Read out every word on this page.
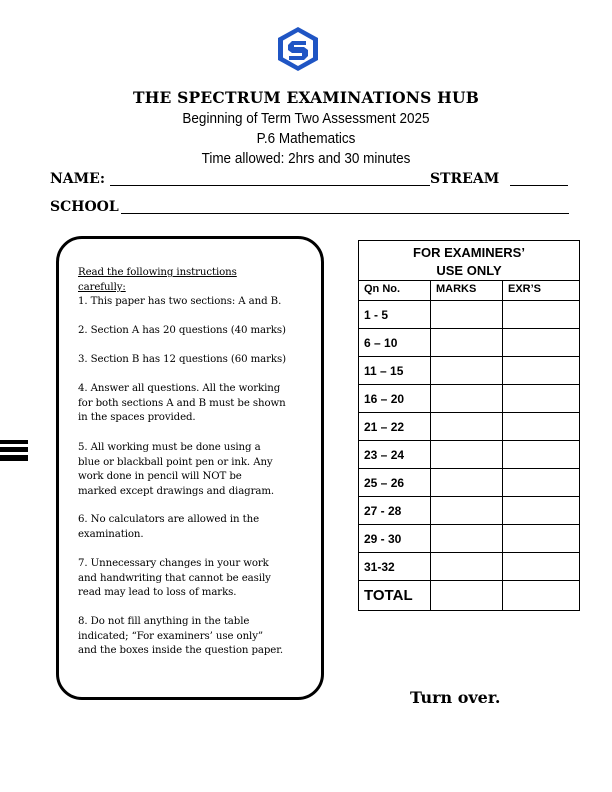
THE SPECTRUM EXAMINATIONS HUB
Beginning of Term Two Assessment 2025
P.6 Mathematics
Time allowed: 2hrs and 30 minutes
NAME:	STREAM
SCHOOL
Read the following instructions
carefully:
1. This paper has two sections: A and B.
2. Section A has 20 questions (40 marks)
3. Section B has 12 questions (60 marks)
4. Answer all questions. All the working
for both sections A and B must be shown
in the spaces provided.
5. All working must be done using a
blue or blackball point pen or ink. Any
work done in pencil will NOT be
marked except drawings and diagram.
6. No calculators are allowed in the
examination.
7. Unnecessary changes in your work
and handwriting that cannot be easily
read may lead to loss of marks.
8. Do not fill anything in the table
indicated; “For examiners’ use only”
and the boxes inside the question paper.
FOR EXAMINERS’
USE ONLY		

Qn No.	MARKS	EXR’S
1 - 5		
6 – 10		
11 – 15		
16 – 20		
21 – 22		
23 – 24		
25 – 26		
27 - 28		
29 - 30		
31-32		
TOTAL		
Turn over.
